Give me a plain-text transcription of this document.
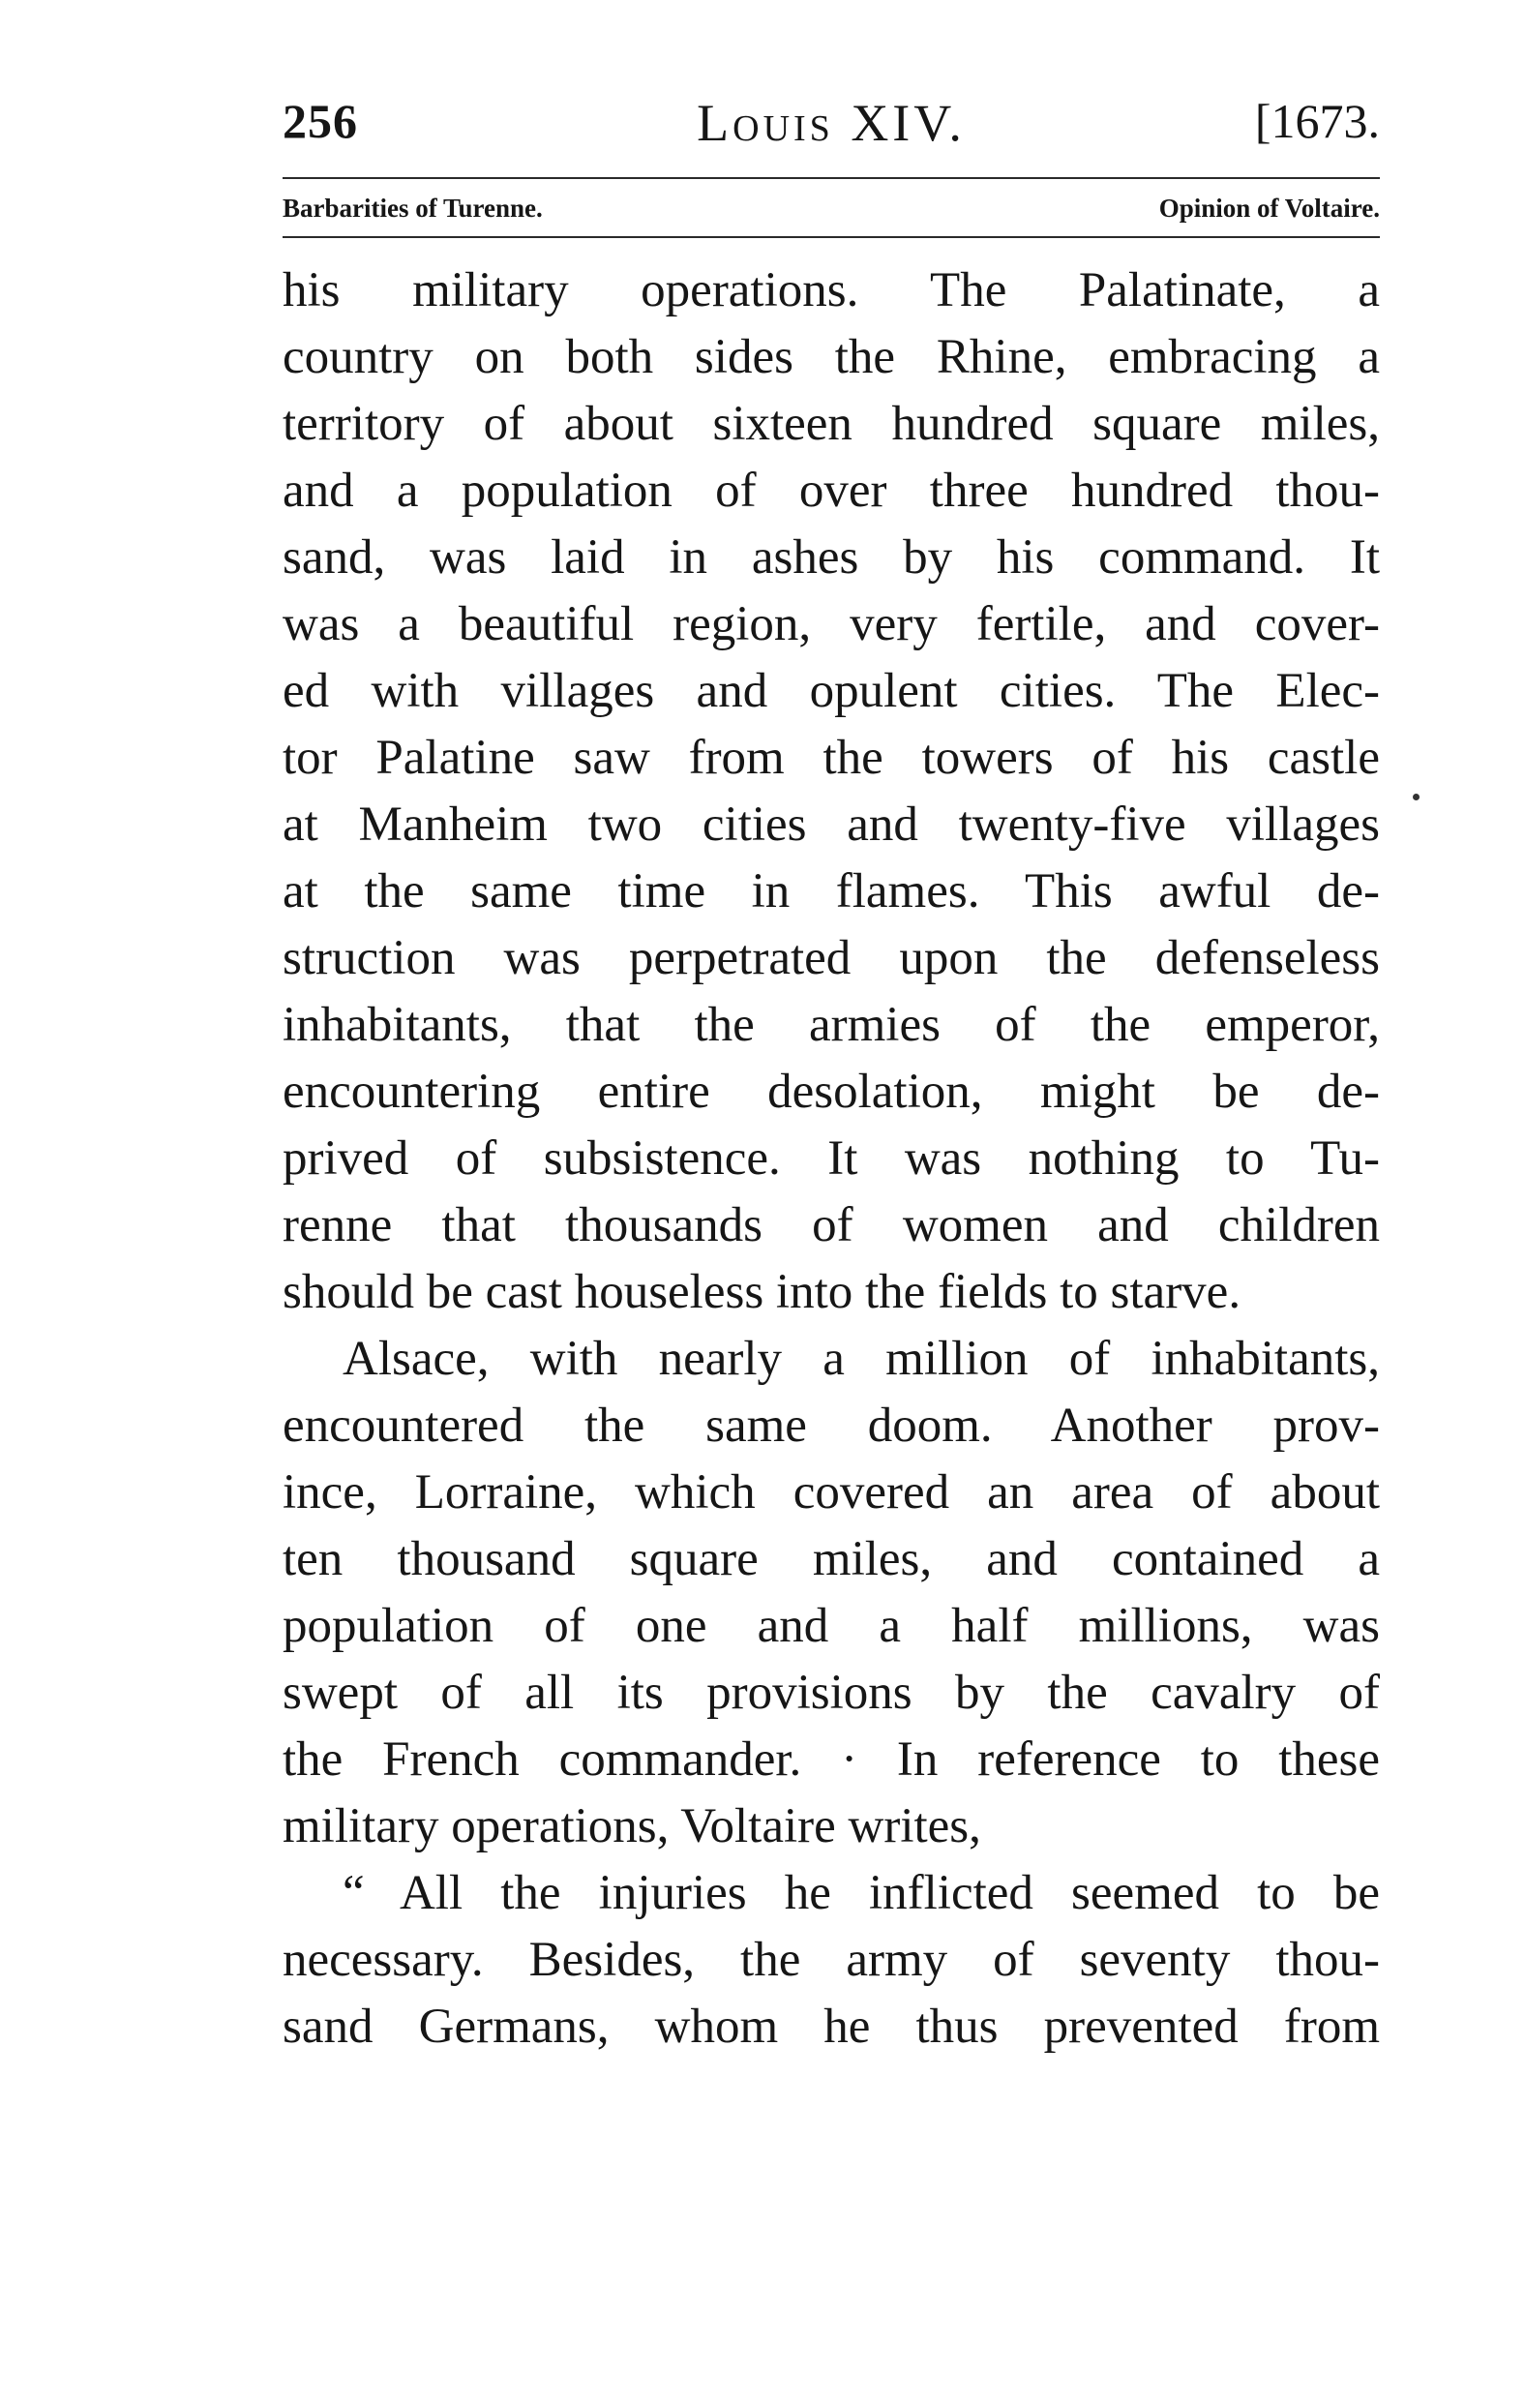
256	Louis XIV.	[1673.
Barbarities of Turenne.	Opinion of Voltaire.
his military operations. The Palatinate, a
country on both sides the Rhine, embracing a
territory of about sixteen hundred square miles,
and a population of over three hundred thou-
sand, was laid in ashes by his command. It
was a beautiful region, very fertile, and cover-
ed with villages and opulent cities. The Elec-
tor Palatine saw from the towers of his castle
at Manheim two cities and twenty-five villages
at the same time in flames. This awful de-
struction was perpetrated upon the defenseless
inhabitants, that the armies of the emperor,
encountering entire desolation, might be de-
prived of subsistence. It was nothing to Tu-
renne that thousands of women and children
should be cast houseless into the fields to starve.
Alsace, with nearly a million of inhabitants,
encountered the same doom. Another prov-
ince, Lorraine, which covered an area of about
ten thousand square miles, and contained a
population of one and a half millions, was
swept of all its provisions by the cavalry of
the French commander. · In reference to these
military operations, Voltaire writes,
“ All the injuries he inflicted seemed to be
necessary. Besides, the army of seventy thou-
sand Germans, whom he thus prevented from
